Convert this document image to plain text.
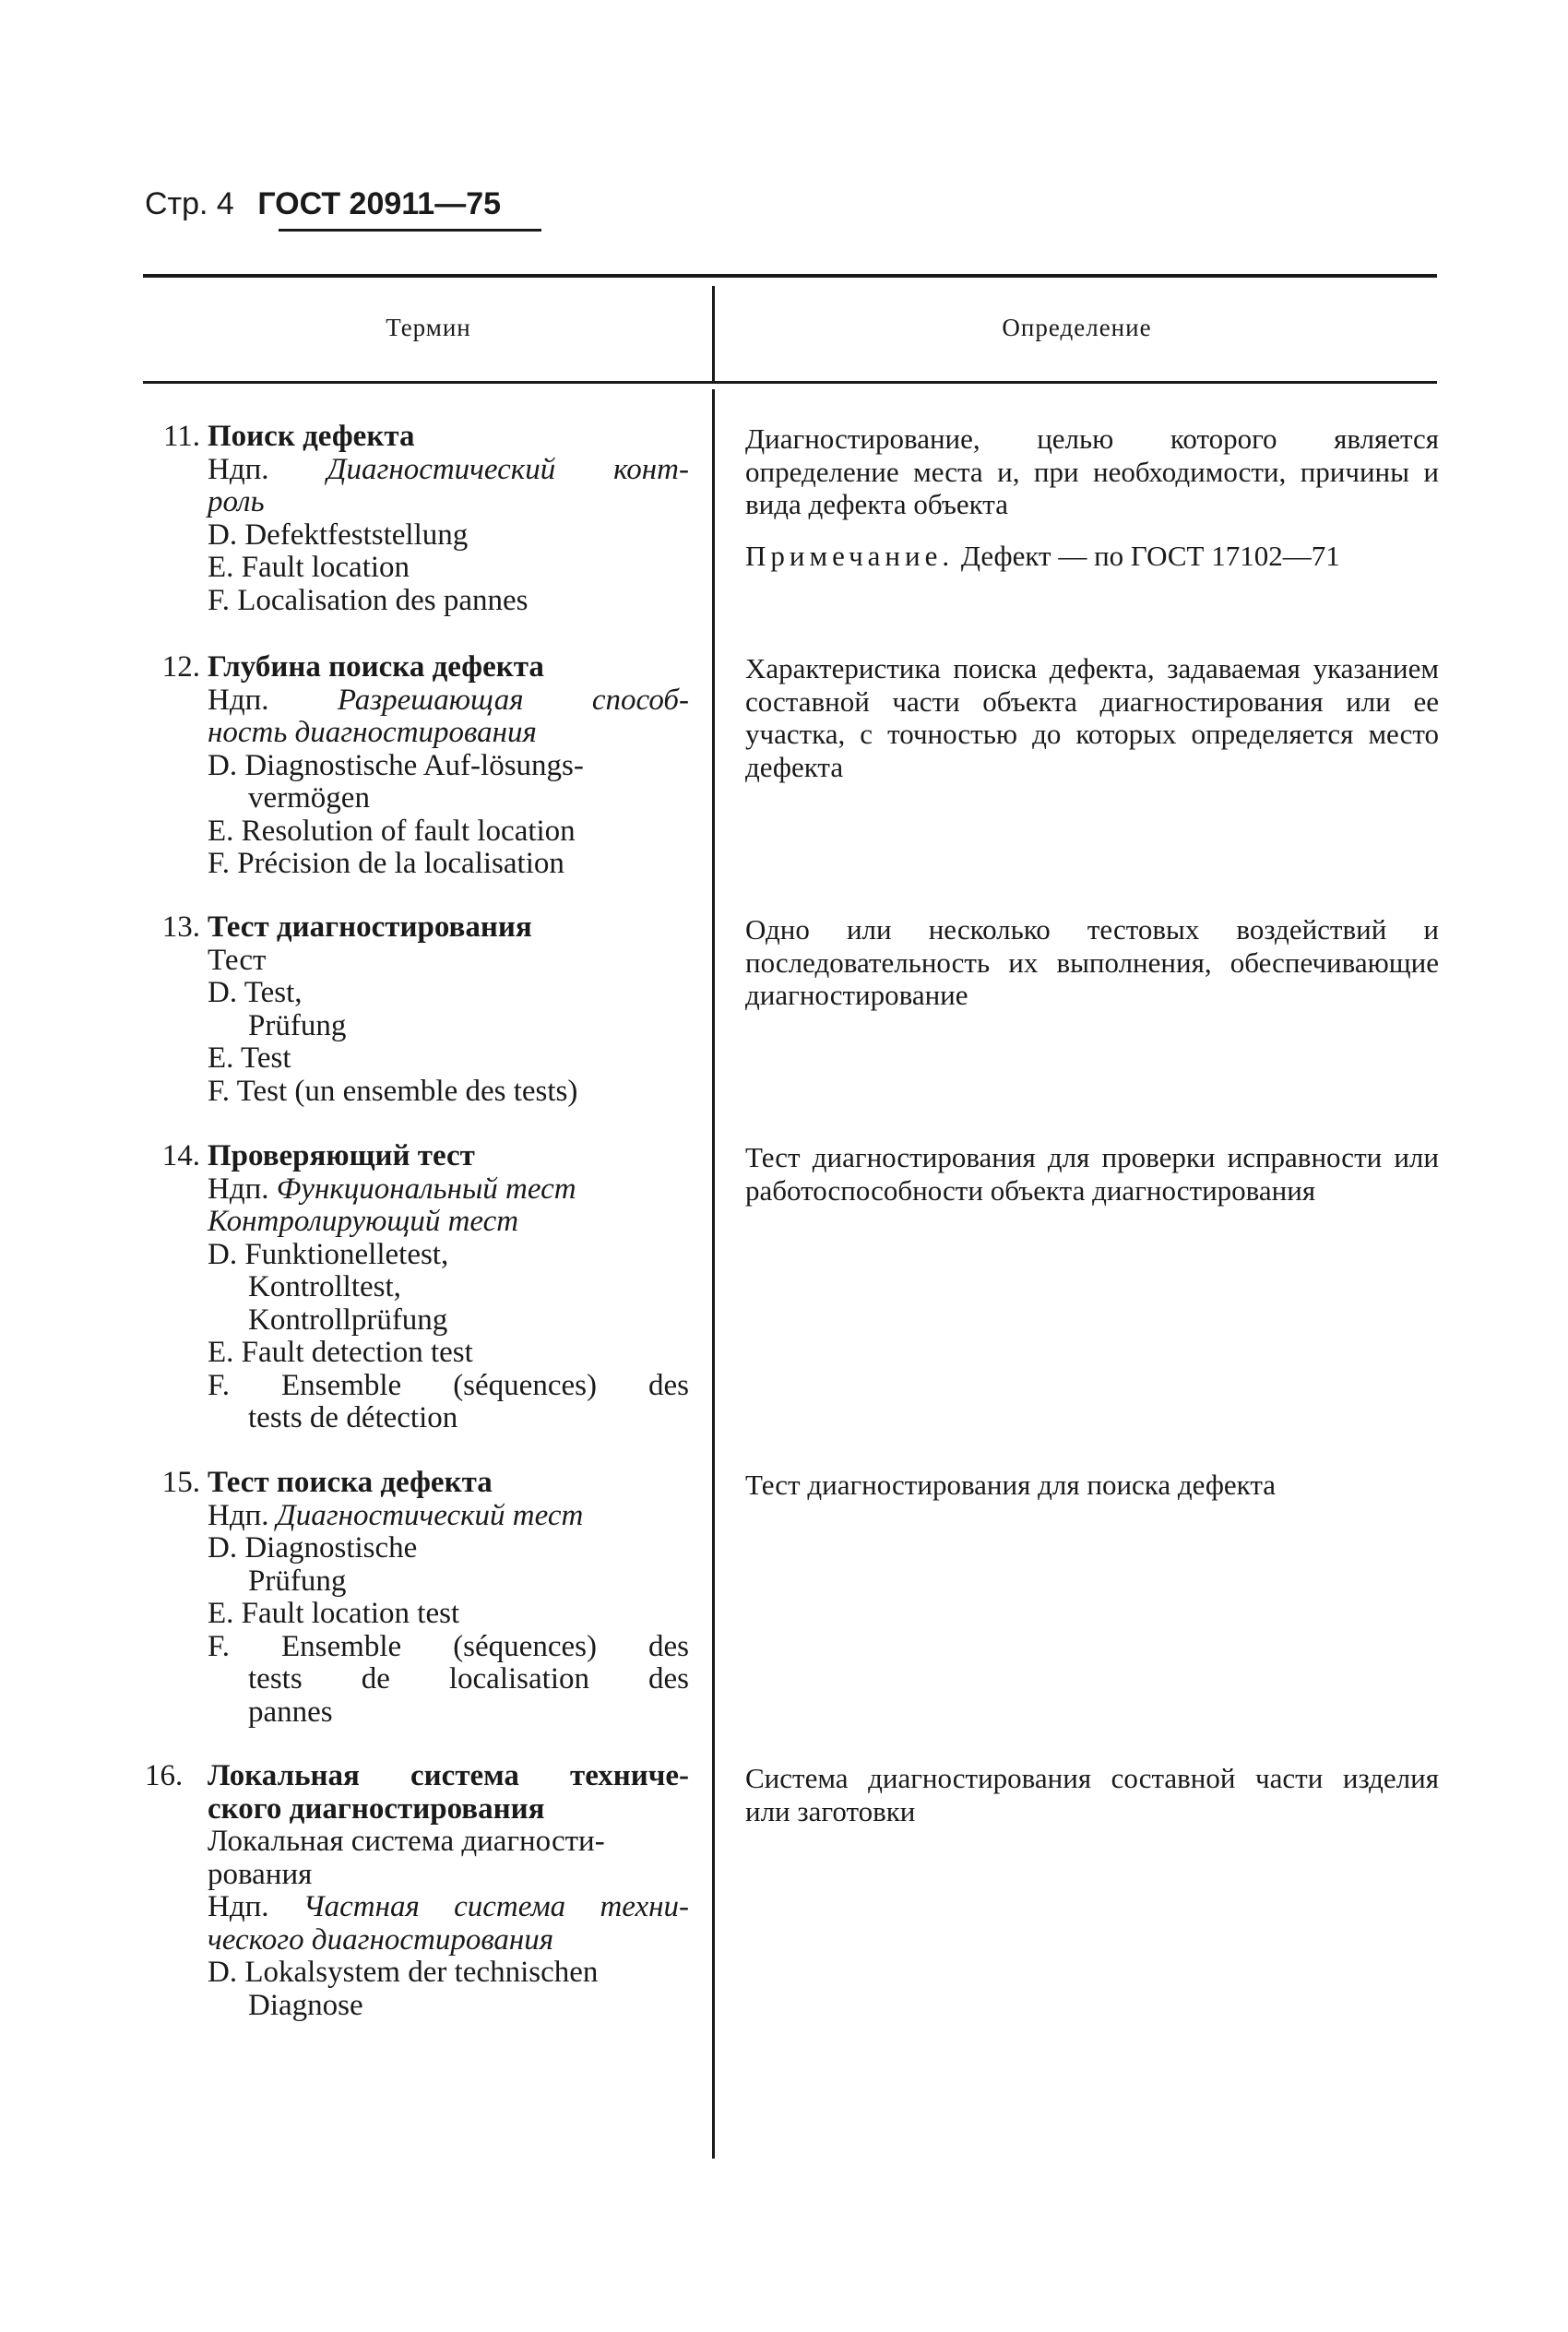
Стр. 4 ГОСТ 20911—75
Термин	Определение
11. Поиск дефекта
Ндп. Диагностический конт-
роль
D. Defektfeststellung
E. Fault location
F. Localisation des pannes

Диагностирование, целью которого является определение места и, при необходимости, причины и вида дефекта объекта

Примечание. Дефект — по ГОСТ 17102—71

12. Глубина поиска дефекта
Ндп. Разрешающая способ-
ность диагностирования
D. Diagnostische Auf-lösungs-
vermögen
E. Resolution of fault location
F. Précision de la localisation

Характеристика поиска дефекта, задаваемая указанием составной части объекта диагностирования или ее участка, с точностью до которых определяется место дефекта

13. Тест диагностирования
Тест
D. Test,
Prüfung
E. Test
F. Test (un ensemble des tests)

Одно или несколько тестовых воздействий и последовательность их выполнения, обеспечивающие диагностирование

14. Проверяющий тест
Ндп. Функциональный тест
Контролирующий тест
D. Funktionelletest,
Kontrolltest,
Kontrollprüfung
E. Fault detection test
F. Ensemble (séquences) des
tests de détection

Тест диагностирования для проверки исправности или работоспособности объекта диагностирования

15. Тест поиска дефекта
Ндп. Диагностический тест
D. Diagnostische
Prüfung
E. Fault location test
F. Ensemble (séquences) des
tests de localisation des
pannes

Тест диагностирования для поиска дефекта

16. Локальная система техниче-
ского диагностирования
Локальная система диагности-
рования
Ндп. Частная система техни-
ческого диагностирования
D. Lokalsystem der technischen
Diagnose

Система диагностирования составной части изделия или заготовки
